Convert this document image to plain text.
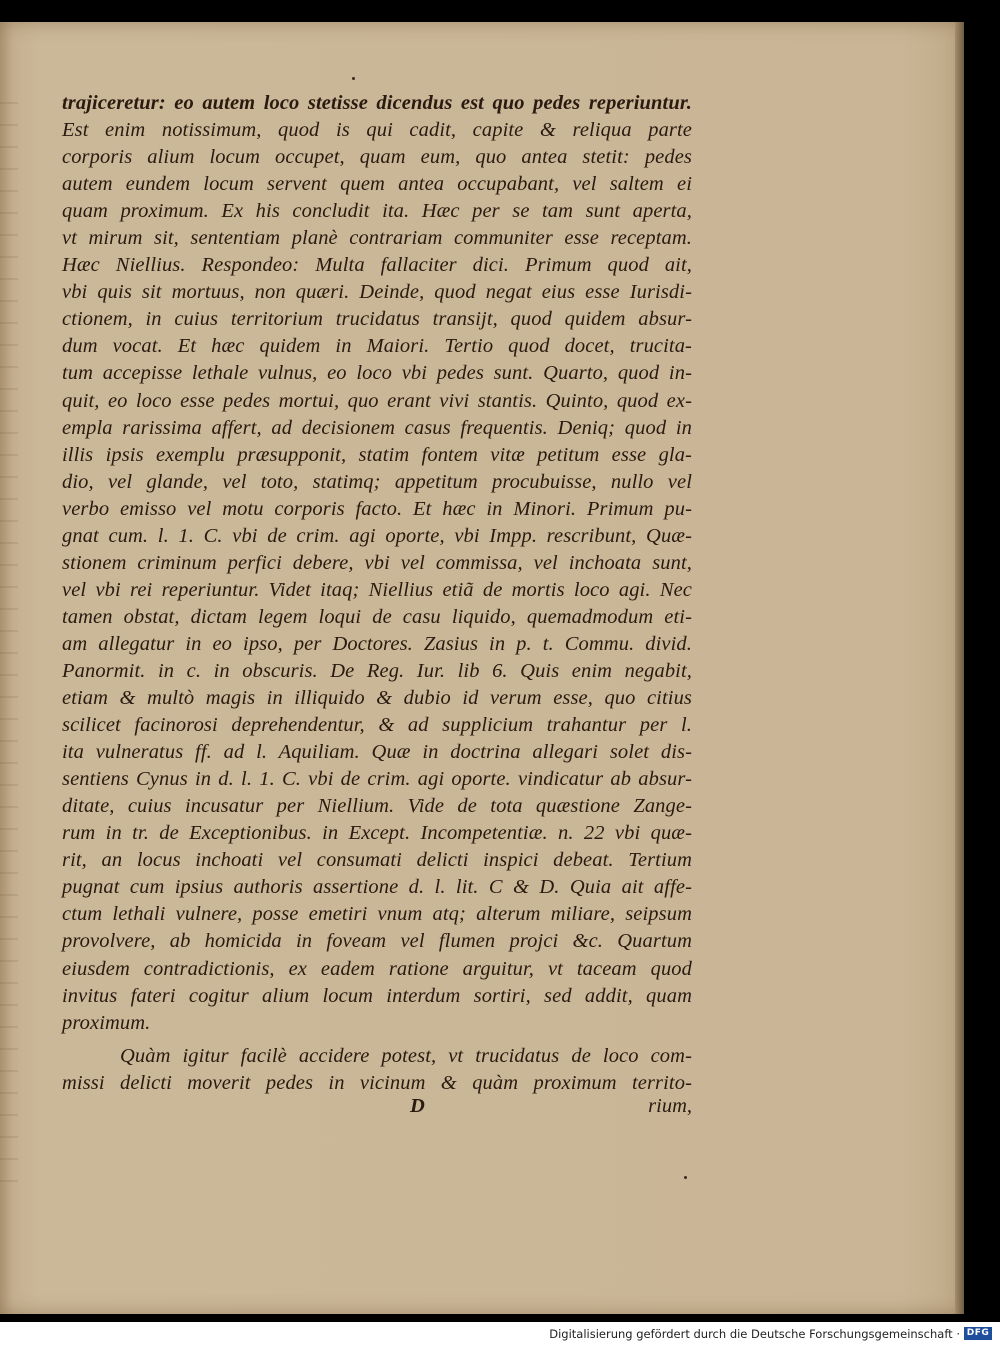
trajiceretur: eo autem loco stetisse dicendus est quo pedes reperiuntur.
Est enim notissimum, quod is qui cadit, capite & reliqua parte
corporis alium locum occupet, quam eum, quo antea stetit: pedes
autem eundem locum servent quem antea occupabant, vel saltem ei
quam proximum. Ex his concludit ita. Hæc per se tam sunt aperta,
vt mirum sit, sententiam planè contrariam communiter esse receptam.
Hæc Niellius. Respondeo: Multa fallaciter dici. Primum quod ait,
vbi quis sit mortuus, non quæri. Deinde, quod negat eius esse Iurisdi-
ctionem, in cuius territorium trucidatus transijt, quod quidem absur-
dum vocat. Et hæc quidem in Maiori. Tertio quod docet, trucita-
tum accepisse lethale vulnus, eo loco vbi pedes sunt. Quarto, quod in-
quit, eo loco esse pedes mortui, quo erant vivi stantis. Quinto, quod ex-
empla rarissima affert, ad decisionem casus frequentis. Deniq; quod in
illis ipsis exemplu præsupponit, statim fontem vitæ petitum esse gla-
dio, vel glande, vel toto, statimq; appetitum procubuisse, nullo vel
verbo emisso vel motu corporis facto. Et hæc in Minori. Primum pu-
gnat cum. l. 1. C. vbi de crim. agi oporte, vbi Impp. rescribunt, Quæ-
stionem criminum perfici debere, vbi vel commissa, vel inchoata sunt,
vel vbi rei reperiuntur. Videt itaq; Niellius etiã de mortis loco agi. Nec
tamen obstat, dictam legem loqui de casu liquido, quemadmodum eti-
am allegatur in eo ipso, per Doctores. Zasius in p. t. Commu. divid.
Panormit. in c. in obscuris. De Reg. Iur. lib 6. Quis enim negabit,
etiam & multò magis in illiquido & dubio id verum esse, quo citius
scilicet facinorosi deprehendentur, & ad supplicium trahantur per l.
ita vulneratus ff. ad l. Aquiliam. Quæ in doctrina allegari solet dis-
sentiens Cynus in d. l. 1. C. vbi de crim. agi oporte. vindicatur ab absur-
ditate, cuius incusatur per Niellium. Vide de tota quæstione Zange-
rum in tr. de Exceptionibus. in Except. Incompetentiæ. n. 22 vbi quæ-
rit, an locus inchoati vel consumati delicti inspici debeat. Tertium
pugnat cum ipsius authoris assertione d. l. lit. C & D. Quia ait affe-
ctum lethali vulnere, posse emetiri vnum atq; alterum miliare, seipsum
provolvere, ab homicida in foveam vel flumen projci &c. Quartum
eiusdem contradictionis, ex eadem ratione arguitur, vt taceam quod
invitus fateri cogitur alium locum interdum sortiri, sed addit, quam
proximum.
Quàm igitur facilè accidere potest, vt trucidatus de loco com-
missi delicti moverit pedes in vicinum & quàm proximum territo-
D	rium,
Digitalisierung gefördert durch die Deutsche Forschungsgemeinschaft · DFG
